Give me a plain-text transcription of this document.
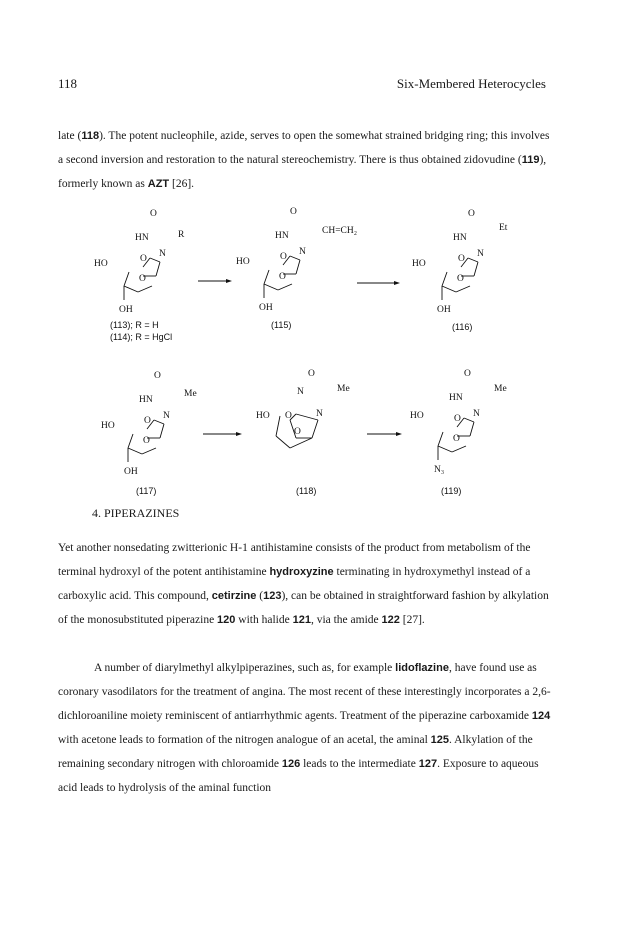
118	Six-Membered Heterocycles
late (118). The potent nucleophile, azide, serves to open the somewhat strained bridging ring; this involves a second inversion and restoration to the natural stereochemistry. There is thus obtained zidovudine (119), formerly known as AZT [26].
O
HN
O N
R
HO
O
OH
(113); R = H
(114); R = HgCl
O
HN
O N
CH=CH₂
HO
O
OH
(115)
O
HN
O N
Et
HO
O
OH
(116)
O
HN
O N
Me
HO
O
OH
(117)
O
N
O	N
Me
HO
O
(118)
O
HN
O N
Me
HO
O
N₃
(119)
4. PIPERAZINES
Yet another nonsedating zwitterionic H-1 antihistamine consists of the product from metabolism of the terminal hydroxyl of the potent antihistamine hydroxyzine terminating in hydroxymethyl instead of a carboxylic acid. This compound, cetirzine (123), can be obtained in straightforward fashion by alkylation of the monosubstituted piperazine 120 with halide 121, via the amide 122 [27].
A number of diarylmethyl alkylpiperazines, such as, for example lidoflazine, have found use as coronary vasodilators for the treatment of angina. The most recent of these interestingly incorporates a 2,6-dichloroaniline moiety reminiscent of antiarrhythmic agents. Treatment of the piperazine carboxamide 124 with acetone leads to formation of the nitrogen analogue of an acetal, the aminal 125. Alkylation of the remaining secondary nitrogen with chloroamide 126 leads to the intermediate 127. Exposure to aqueous acid leads to hydrolysis of the aminal function
